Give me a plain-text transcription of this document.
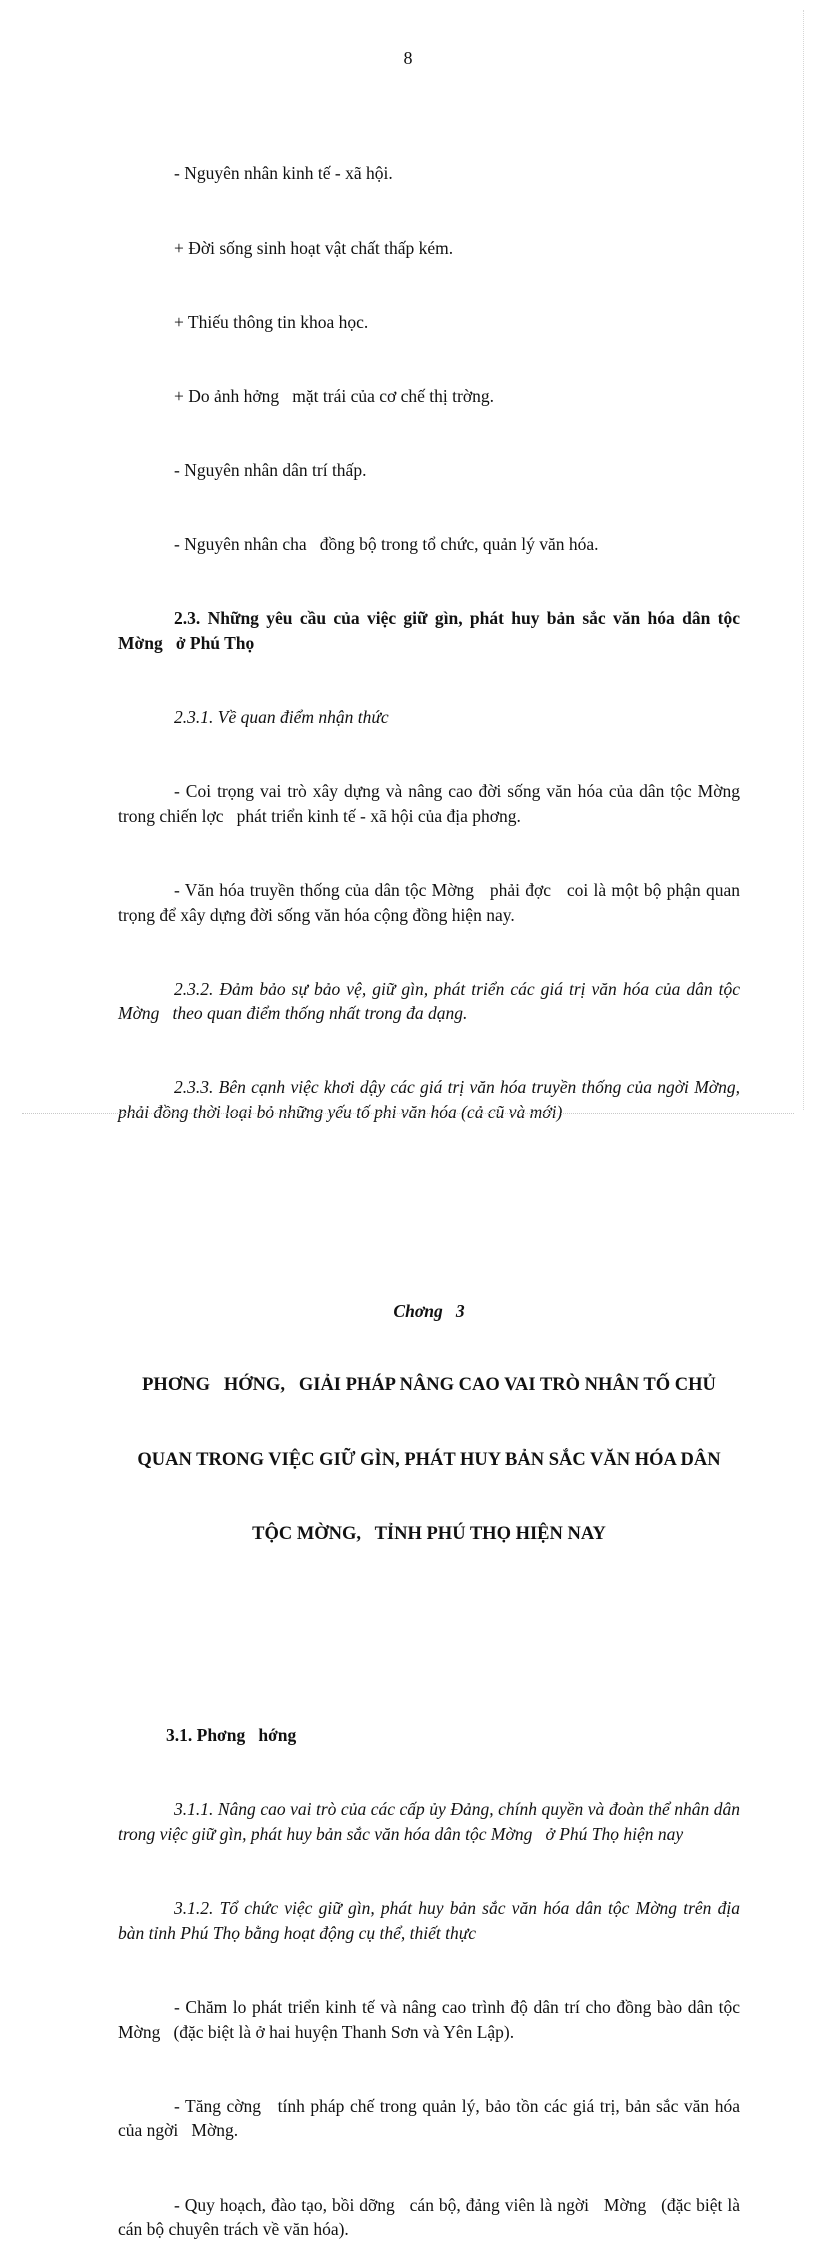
8

- Nguyên nhân kinh tế - xã hội.

+ Đời sống sinh hoạt vật chất thấp kém.

+ Thiếu thông tin khoa học.

+ Do ảnh hởng   mặt trái của cơ chế thị trờng.

- Nguyên nhân dân trí thấp.

- Nguyên nhân cha   đồng bộ trong tổ chức, quản lý văn hóa.

2.3. Những yêu cầu của việc giữ gìn, phát huy bản sắc văn hóa dân tộc Mờng   ở Phú Thọ

2.3.1. Về quan điểm nhận thức

- Coi trọng vai trò xây dựng và nâng cao đời sống văn hóa của dân tộc Mờng   trong chiến lợc   phát triển kinh tế - xã hội của địa phơng.

- Văn hóa truyền thống của dân tộc Mờng   phải đợc   coi là một bộ phận quan trọng để xây dựng đời sống văn hóa cộng đồng hiện nay.

2.3.2. Đảm bảo sự bảo vệ, giữ gìn, phát triển các giá trị văn hóa của dân tộc Mờng   theo quan điểm thống nhất trong đa dạng.

2.3.3. Bên cạnh việc khơi dậy các giá trị văn hóa truyền thống của ngời Mờng,   phải đồng thời loại bỏ những yếu tố phi văn hóa (cả cũ và mới)

Chơng   3

PHƠNG   HỚNG,   GIẢI PHÁP NÂNG CAO VAI TRÒ NHÂN TỐ CHỦ

QUAN TRONG VIỆC GIỮ GÌN, PHÁT HUY BẢN SẮC VĂN HÓA DÂN

TỘC MỜNG,   TỈNH PHÚ THỌ HIỆN NAY

3.1. Phơng   hớng

3.1.1. Nâng cao vai trò của các cấp ủy Đảng, chính quyền và đoàn thể nhân dân trong việc giữ gìn, phát huy bản sắc văn hóa dân tộc Mờng   ở Phú Thọ hiện nay

3.1.2. Tổ chức việc giữ gìn, phát huy bản sắc văn hóa dân tộc Mờng trên địa bàn tỉnh Phú Thọ bằng hoạt động cụ thể, thiết thực

- Chăm lo phát triển kinh tế và nâng cao trình độ dân trí cho đồng bào dân tộc Mờng   (đặc biệt là ở hai huyện Thanh Sơn và Yên Lập).

- Tăng cờng   tính pháp chế trong quản lý, bảo tồn các giá trị, bản sắc văn hóa của ngời   Mờng.

- Quy hoạch, đào tạo, bồi dỡng   cán bộ, đảng viên là ngời   Mờng   (đặc biệt là cán bộ chuyên trách về văn hóa).
